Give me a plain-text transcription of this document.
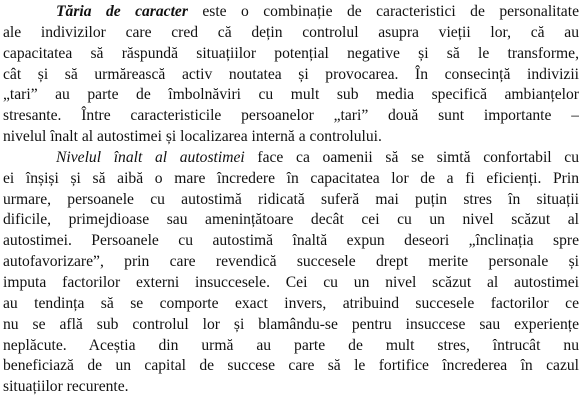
Tăria de caracter este o combinație de caracteristici de personalitate
ale indivizilor care cred că dețin controlul asupra vieții lor, că au
capacitatea să răspundă situațiilor potențial negative și să le transforme,
cât și să urmărească activ noutatea și provocarea. În consecință indivizii
„tari” au parte de îmbolnăviri cu mult sub media specifică ambianțelor
stresante. Între caracteristicile persoanelor „tari” două sunt importante –
nivelul înalt al autostimei și localizarea internă a controlului.

Nivelul înalt al autostimei face ca oamenii să se simtă confortabil cu
ei înșiși și să aibă o mare încredere în capacitatea lor de a fi eficienți. Prin
urmare, persoanele cu autostimă ridicată suferă mai puțin stres în situații
dificile, primejdioase sau amenințătoare decât cei cu un nivel scăzut al
autostimei. Persoanele cu autostimă înaltă expun deseori „înclinația spre
autofavorizare”, prin care revendică succesele drept merite personale și
imputa factorilor externi insuccesele. Cei cu un nivel scăzut al autostimei
au tendința să se comporte exact invers, atribuind succesele factorilor ce
nu se află sub controlul lor și blamându-se pentru insuccese sau experiențe
neplăcute. Aceștia din urmă au parte de mult stres, întrucât nu
beneficiază de un capital de succese care să le fortifice încrederea în cazul
situațiilor recurente.
